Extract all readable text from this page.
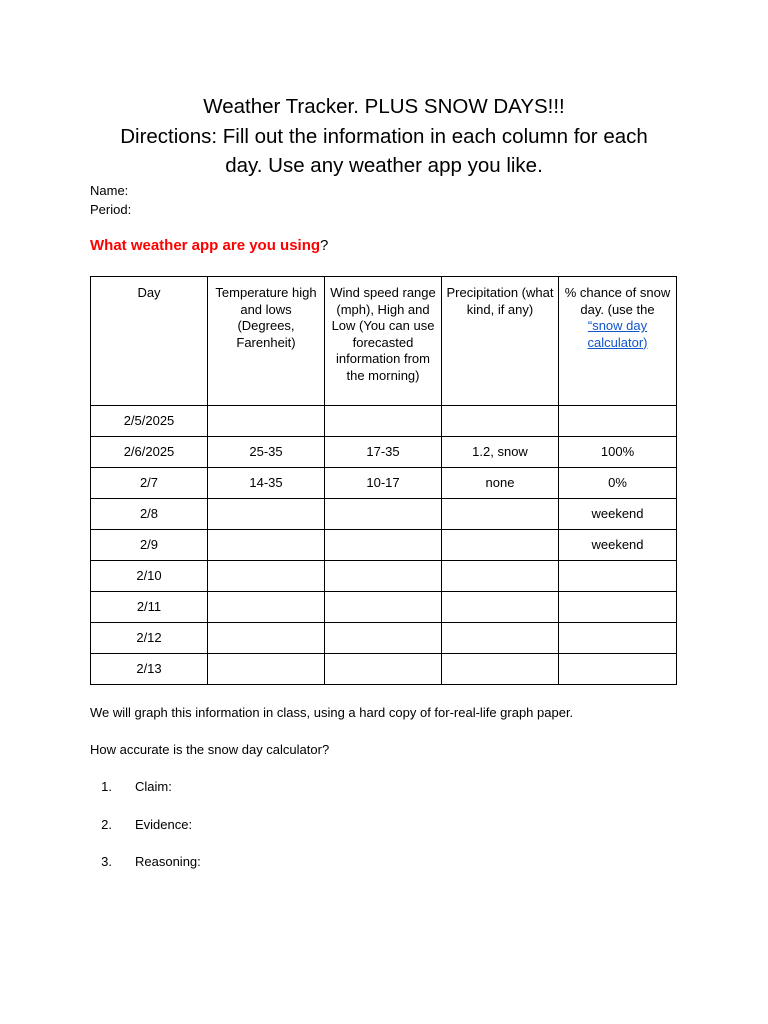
Weather Tracker. PLUS SNOW DAYS!!!
Directions: Fill out the information in each column for each
day. Use any weather app you like.
Name:
Period:
What weather app are you using?
Day	Temperature high and lows (Degrees, Farenheit)	Wind speed range (mph), High and Low (You can use forecasted information from the morning)	Precipitation (what kind, if any)	% chance of snow day. (use the “snow day calculator)
2/5/2025				
2/6/2025	25-35	17-35	1.2, snow	100%
2/7	14-35	10-17	none	0%
2/8				weekend
2/9				weekend
2/10				
2/11				
2/12				
2/13				
We will graph this information in class, using a hard copy of for-real-life graph paper.
How accurate is the snow day calculator?
1. Claim:
2. Evidence:
3. Reasoning:
